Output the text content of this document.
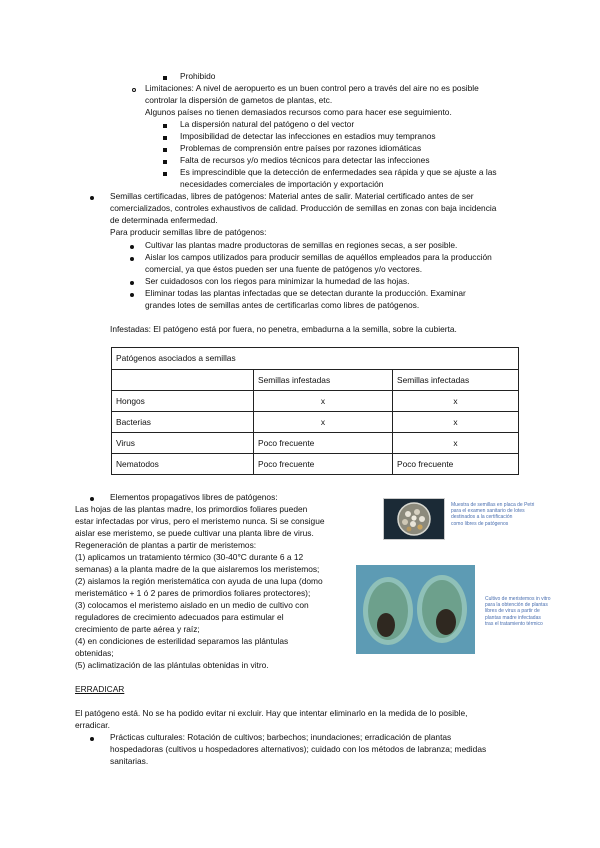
Prohibido
Limitaciones: A nivel de aeropuerto es un buen control pero a través del aire no es posible
controlar la dispersión de gametos de plantas, etc.
Algunos países no tienen demasiados recursos como para hacer ese seguimiento.
La dispersión natural del patógeno o del vector
Imposibilidad de detectar las infecciones en estadios muy tempranos
Problemas de comprensión entre países por razones idiomáticas
Falta de recursos y/o medios técnicos para detectar las infecciones
Es imprescindible que la detección de enfermedades sea rápida y que se ajuste a las
necesidades comerciales de importación y exportación
Semillas certificadas, libres de patógenos: Material antes de salir. Material certificado antes de ser
comercializados, controles exhaustivos de calidad. Producción de semillas en zonas con baja incidencia
de determinada enfermedad.
Para producir semillas libre de patógenos:
Cultivar las plantas madre productoras de semillas en regiones secas, a ser posible.
Aislar los campos utilizados para producir semillas de aquéllos empleados para la producción
comercial, ya que éstos pueden ser una fuente de patógenos y/o vectores.
Ser cuidadosos con los riegos para minimizar la humedad de las hojas.
Eliminar todas las plantas infectadas que se detectan durante la producción. Examinar
grandes lotes de semillas antes de certificarlas como libres de patógenos.
Infestadas: El patógeno está por fuera, no penetra, embadurna a la semilla, sobre la cubierta.
Patógenos asociados a semillas		
	Semillas infestadas	Semillas infectadas
Hongos	x	x
Bacterias	x	x
Virus	Poco frecuente	x
Nematodos	Poco frecuente	Poco frecuente
Elementos propagativos libres de patógenos:
Las hojas de las plantas madre, los primordios foliares pueden
estar infectadas por virus, pero el meristemo nunca. Si se consigue
aislar ese meristemo, se puede cultivar una planta libre de virus.
Regeneración de plantas a partir de meristemos:
(1) aplicamos un tratamiento térmico (30-40°C durante 6 a 12
semanas) a la planta madre de la que aislaremos los meristemos;
(2) aislamos la región meristemática con ayuda de una lupa (domo
meristemático + 1 ó 2 pares de primordios foliares protectores);
(3) colocamos el meristemo aislado en un medio de cultivo con
reguladores de crecimiento adecuados para estimular el
crecimiento de parte aérea y raíz;
(4) en condiciones de esterilidad separamos las plántulas
obtenidas;
(5) aclimatización de las plántulas obtenidas in vitro.
Muestra de semillas en placa de Petri
para el examen sanitario de lotes
destinados a la certificación
como libres de patógenos
Cultivo de meristemos in vitro
para la obtención de plantas
libres de virus a partir de
plantas madre infectadas
tras el tratamiento térmico
ERRADICAR
El patógeno está. No se ha podido evitar ni excluir. Hay que intentar eliminarlo en la medida de lo posible,
erradicar.
Prácticas culturales: Rotación de cultivos; barbechos; inundaciones; erradicación de plantas
hospedadoras (cultivos u hospedadores alternativos); cuidado con los métodos de labranza; medidas
sanitarias.
